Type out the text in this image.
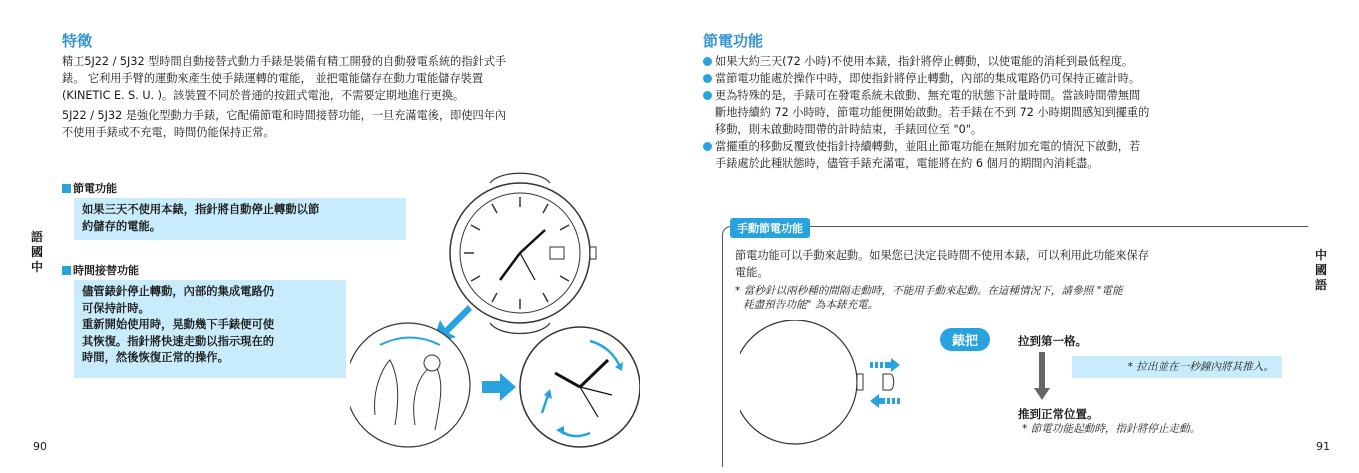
特徵
精工5J22 / 5J32 型時間自動接替式動力手錶是裝備有精工開發的自動發電系統的指針式手
錶。 它利用手臂的運動來產生使手錶運轉的電能， 並把電能儲存在動力電能儲存裝置
(KINETIC E. S. U. )。該裝置不同於普通的按鈕式電池，不需要定期地進行更換。
5J22 / 5J32 是強化型動力手錶，它配備節電和時間接替功能，一旦充滿電後，即使四年內
不使用手錶或不充電，時間仍能保持正常。
節電功能
如果三天不使用本錶，指針將自動停止轉動以節
約儲存的電能。
時間接替功能
儘管錶針停止轉動，內部的集成電路仍
可保持計時。
重新開始使用時，晃動幾下手錶便可使
其恢復。指針將快速走動以指示現在的
時間，然後恢復正常的操作。
語
國
中
90
節電功能
如果大約三天(72 小時)不使用本錶，指針將停止轉動，以使電能的消耗到最低程度。
當節電功能處於操作中時，即使指針將停止轉動，內部的集成電路仍可保持正確計時。
更為特殊的是，手錶可在發電系統未啟動、無充電的狀態下計量時間。當該時間帶無間
斷地持續約 72 小時時，節電功能便開始啟動。若手錶在不到 72 小時期間感知到擺重的
移動，則未啟動時間帶的計時結束，手錶回位至 "0"。
當擺重的移動反覆致使指針持續轉動，並阻止節電功能在無附加充電的情況下啟動，若
手錶處於此種狀態時，儘管手錶充滿電，電能將在約 6 個月的期間內消耗盡。
手動節電功能
節電功能可以手動來起動。如果您已決定長時間不使用本錶，可以利用此功能來保存
電能。
* 當秒針以兩秒種的間隔走動時，不能用手動來起動。在這種情況下，請參照 "電能
耗盡預告功能" 為本錶充電。
錶把	拉到第一格。
* 拉出並在一秒鐘內將其推入。
推到正常位置。
* 節電功能起動時，指針將停止走動。
中
國
語
91
